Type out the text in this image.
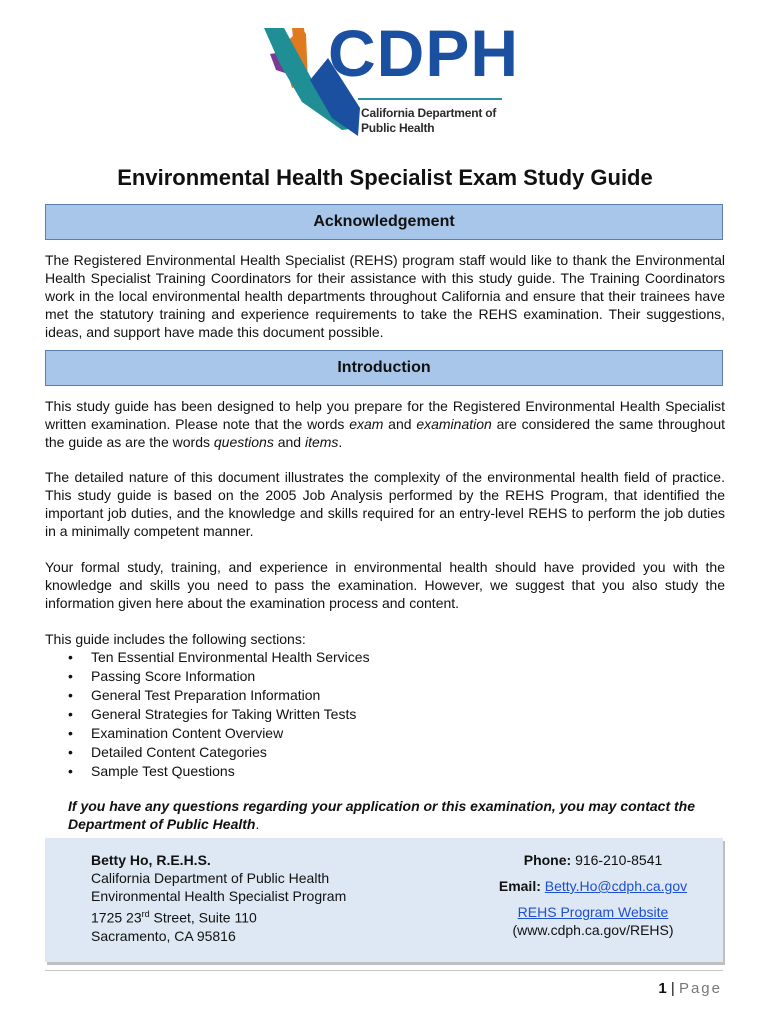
CDPH
California Department of
Public Health
Environmental Health Specialist Exam Study Guide
Acknowledgement

The Registered Environmental Health Specialist (REHS) program staff would like to thank the Environmental Health Specialist Training Coordinators for their assistance with this study guide. The Training Coordinators work in the local environmental health departments throughout California and ensure that their trainees have met the statutory training and experience requirements to take the REHS examination. Their suggestions, ideas, and support have made this document possible.

Introduction

This study guide has been designed to help you prepare for the Registered Environmental Health Specialist written examination. Please note that the words exam and examination are considered the same throughout the guide as are the words questions and items.

The detailed nature of this document illustrates the complexity of the environmental health field of practice. This study guide is based on the 2005 Job Analysis performed by the REHS Program, that identified the important job duties, and the knowledge and skills required for an entry-level REHS to perform the job duties in a minimally competent manner.

Your formal study, training, and experience in environmental health should have provided you with the knowledge and skills you need to pass the examination. However, we suggest that you also study the information given here about the examination process and content.

This guide includes the following sections:

• Ten Essential Environmental Health Services
• Passing Score Information
• General Test Preparation Information
• General Strategies for Taking Written Tests
• Examination Content Overview
• Detailed Content Categories
• Sample Test Questions

If you have any questions regarding your application or this examination, you may contact the Department of Public Health.

Betty Ho, R.E.H.S.
California Department of Public Health
Environmental Health Specialist Program
1725 23rd Street, Suite 110
Sacramento, CA 95816
Phone: 916-210-8541
Email: Betty.Ho@cdph.ca.gov
REHS Program Website
(www.cdph.ca.gov/REHS)
1 | Page
